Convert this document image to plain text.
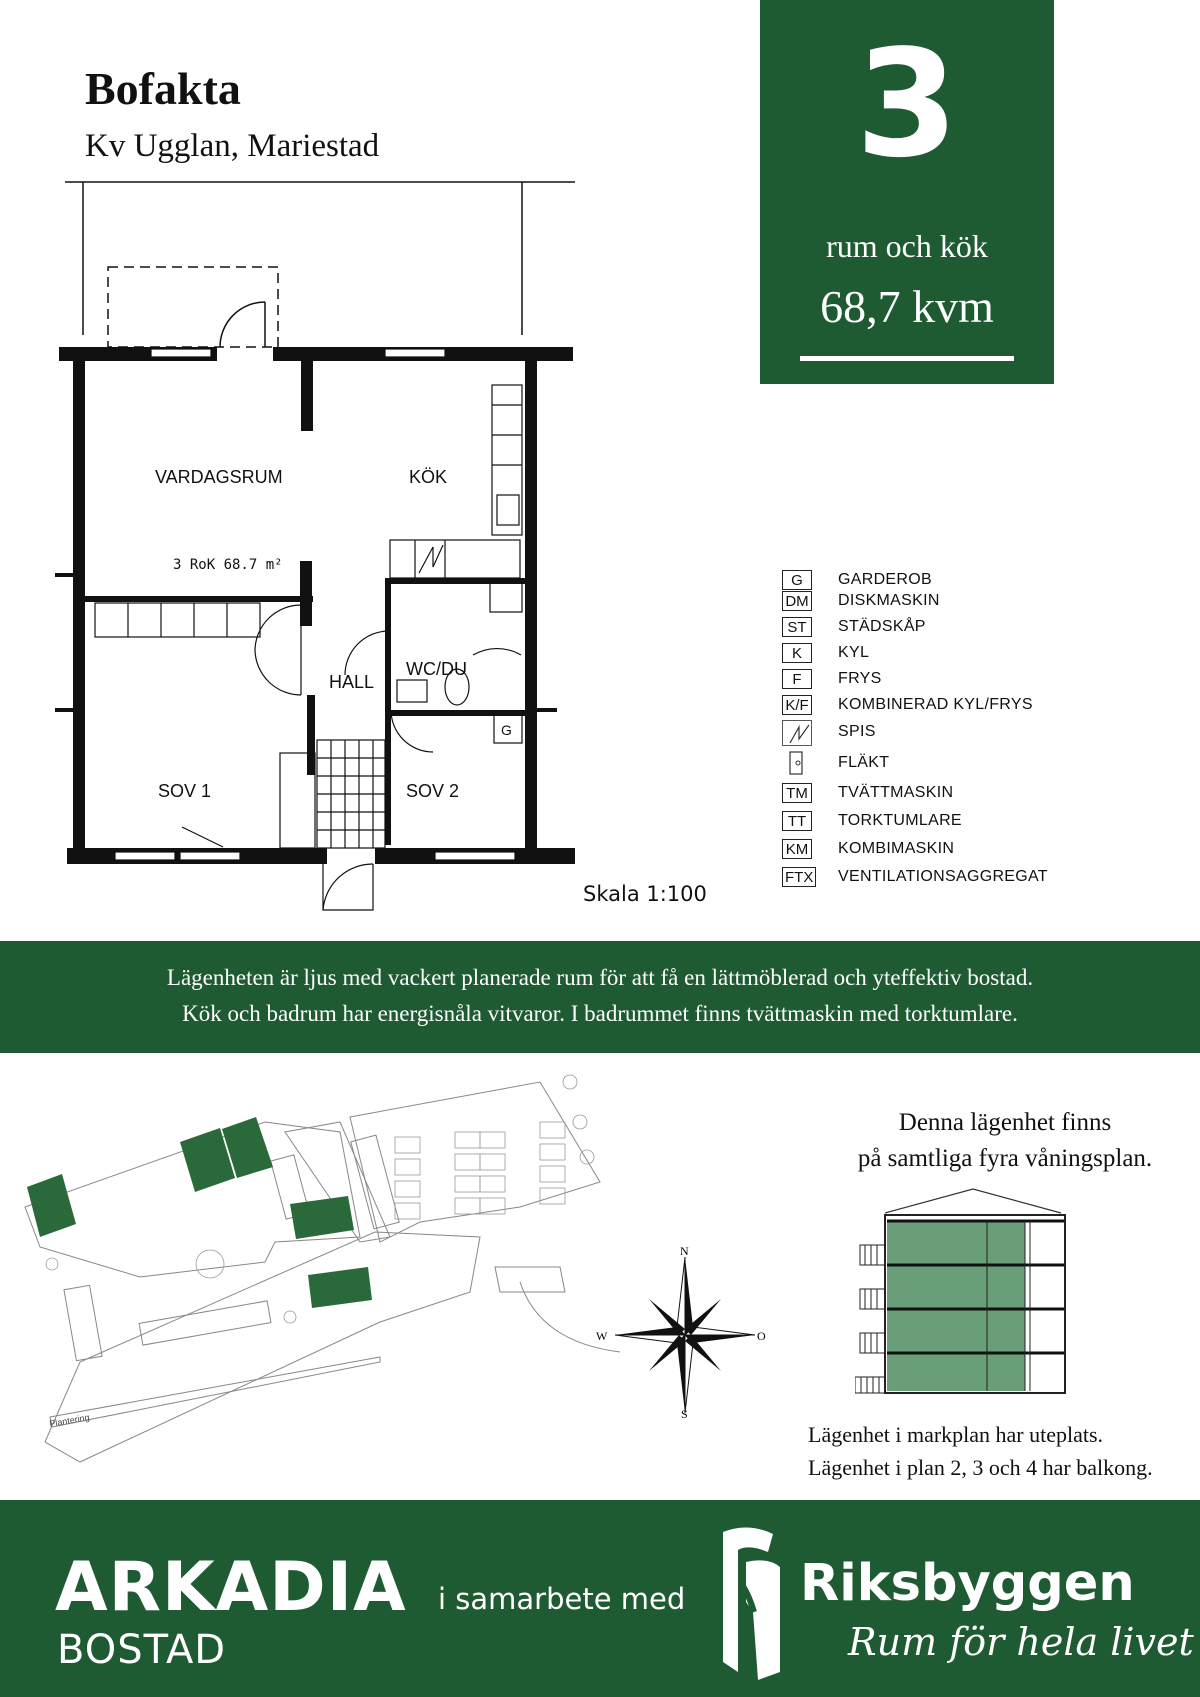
Bofakta
Kv Ugglan, Mariestad	3
rum och kök
68,7 kvm
VARDAGSRUM	KÖK
HALL
WC/DU
SOV 1	SOV 2
3 RoK 68.7 m²
G
Skala 1:100
G	GARDEROB
DM DISKMASKIN
ST	STÄDSKÅP
K	KYL
F	FRYS
K/F KOMBINERAD KYL/FRYS
SPIS
FLÄKT
TM TVÄTTMASKIN
TT	TORKTUMLARE
KM KOMBIMASKIN
FTX VENTILATIONSAGGREGAT

Lägenheten är ljus med vackert planerade rum för att få en lättmöblerad och yteffektiv bostad.

Kök och badrum har energisnåla vitvaror. I badrummet finns tvättmaskin med torktumlare.

Plantering
N
S
W	O
Denna lägenhet finns
på samtliga fyra våningsplan.
Lägenhet i markplan har uteplats.
Lägenhet i plan 2, 3 och 4 har balkong.
ARKADIA
BOSTAD
i samarbete med Riksbyggen
Rum för hela livet
